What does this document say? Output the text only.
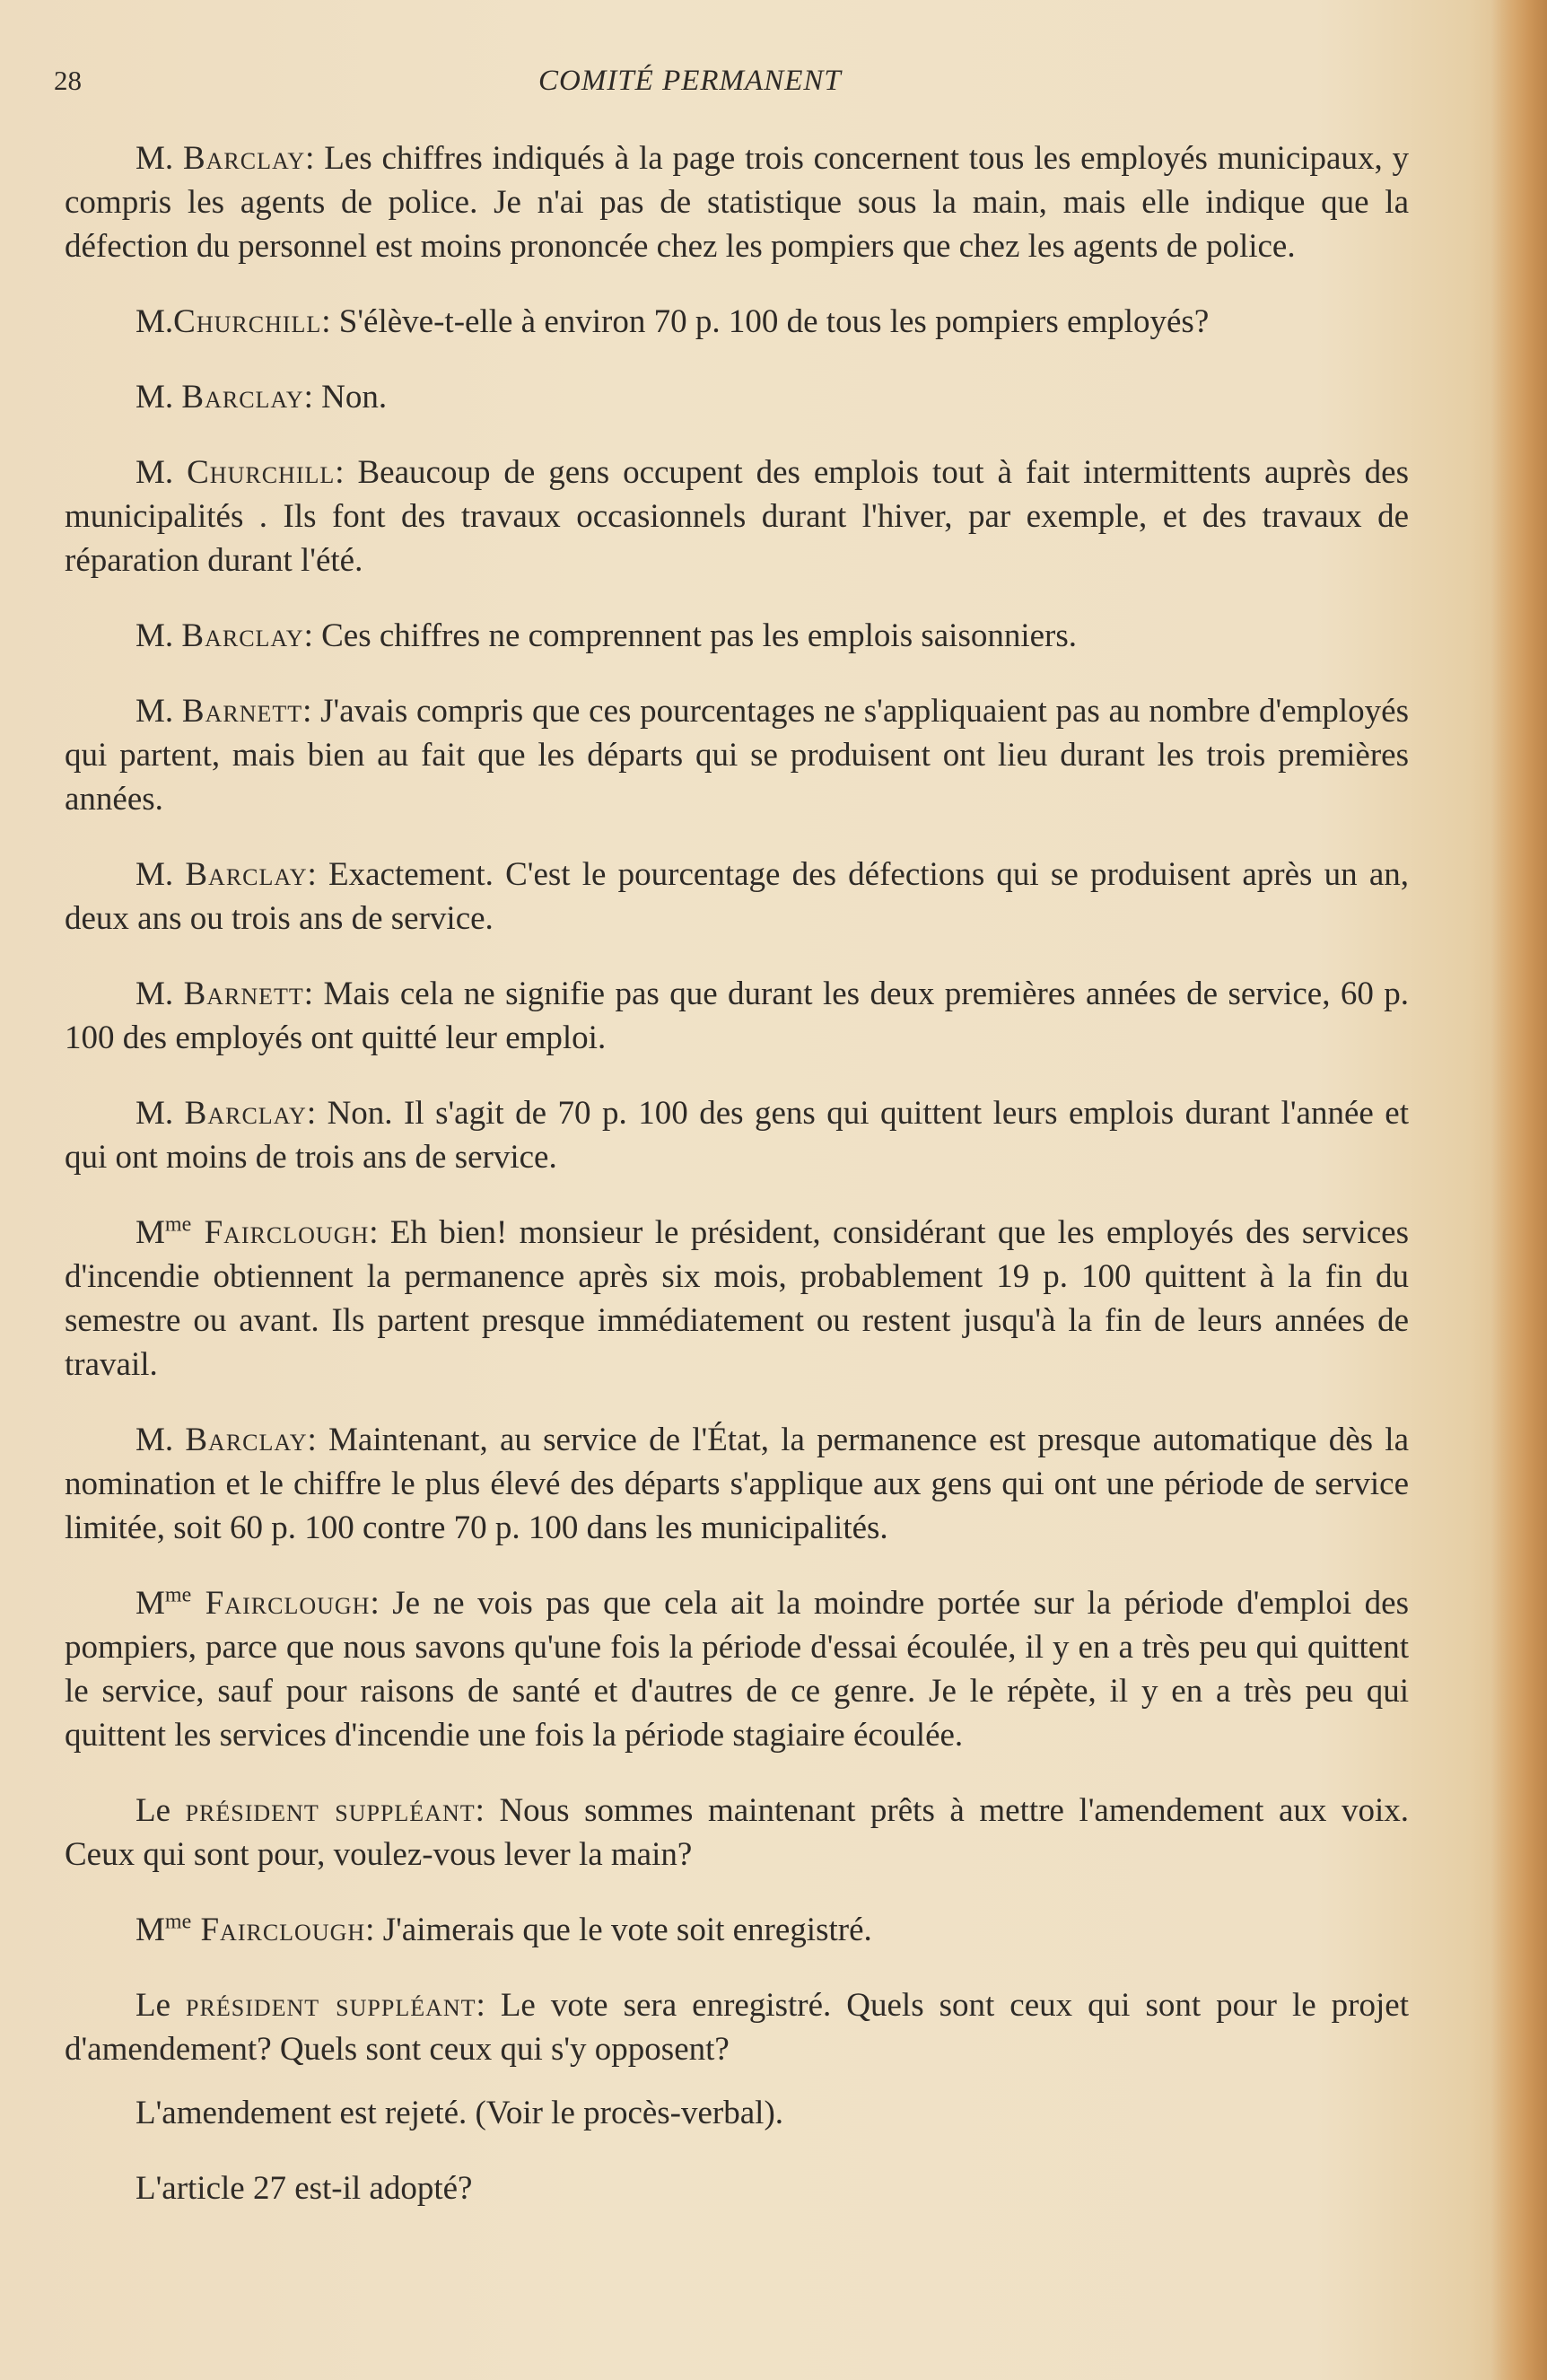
28	COMITÉ PERMANENT

M. Barclay: Les chiffres indiqués à la page trois concernent tous les employés municipaux, y compris les agents de police. Je n'ai pas de statistique sous la main, mais elle indique que la défection du personnel est moins prononcée chez les pompiers que chez les agents de police.

M.Churchill: S'élève-t-elle à environ 70 p. 100 de tous les pompiers employés?

M. Barclay: Non.

M. Churchill: Beaucoup de gens occupent des emplois tout à fait intermittents auprès des municipalités . Ils font des travaux occasionnels durant l'hiver, par exemple, et des travaux de réparation durant l'été.

M. Barclay: Ces chiffres ne comprennent pas les emplois saisonniers.

M. Barnett: J'avais compris que ces pourcentages ne s'appliquaient pas au nombre d'employés qui partent, mais bien au fait que les départs qui se produisent ont lieu durant les trois premières années.

M. Barclay: Exactement. C'est le pourcentage des défections qui se produisent après un an, deux ans ou trois ans de service.

M. Barnett: Mais cela ne signifie pas que durant les deux premières années de service, 60 p. 100 des employés ont quitté leur emploi.

M. Barclay: Non. Il s'agit de 70 p. 100 des gens qui quittent leurs emplois durant l'année et qui ont moins de trois ans de service.

$M^{me}$ Fairclough: Eh bien! monsieur le président, considérant que les employés des services d'incendie obtiennent la permanence après six mois, probablement 19 p. 100 quittent à la fin du semestre ou avant. Ils partent presque immédiatement ou restent jusqu'à la fin de leurs années de travail.

M. Barclay: Maintenant, au service de l'État, la permanence est presque automatique dès la nomination et le chiffre le plus élevé des départs s'applique aux gens qui ont une période de service limitée, soit 60 p. 100 contre 70 p. 100 dans les municipalités.

$M^{me}$ Fairclough: Je ne vois pas que cela ait la moindre portée sur la période d'emploi des pompiers, parce que nous savons qu'une fois la période d'essai écoulée, il y en a très peu qui quittent le service, sauf pour raisons de santé et d'autres de ce genre. Je le répète, il y en a très peu qui quittent les services d'incendie une fois la période stagiaire écoulée.

Le président suppléant: Nous sommes maintenant prêts à mettre l'amendement aux voix. Ceux qui sont pour, voulez-vous lever la main?

$M^{me}$ Fairclough: J'aimerais que le vote soit enregistré.

Le président suppléant: Le vote sera enregistré. Quels sont ceux qui sont pour le projet d'amendement? Quels sont ceux qui s'y opposent?

L'amendement est rejeté. (Voir le procès-verbal).

L'article 27 est-il adopté?
